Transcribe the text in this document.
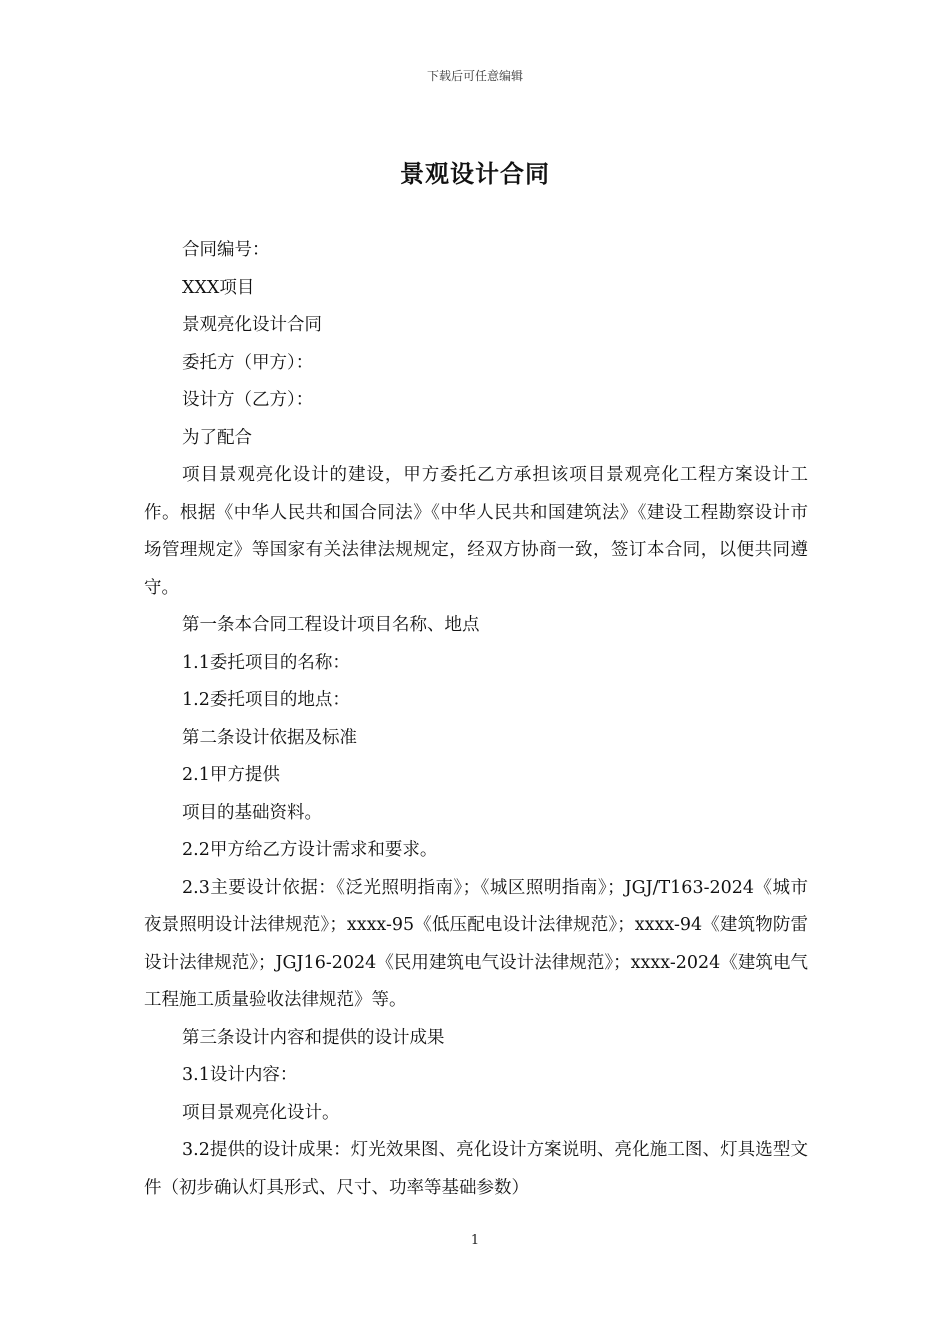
下载后可任意编辑
景观设计合同

合同编号：

XXX项目

景观亮化设计合同

委托方（甲方）：

设计方（乙方）：

为了配合

项目景观亮化设计的建设，甲方委托乙方承担该项目景观亮化工程方案设计工作。根据《中华人民共和国合同法》《中华人民共和国建筑法》《建设工程勘察设计市场管理规定》等国家有关法律法规规定，经双方协商一致，签订本合同，以便共同遵守。

第一条本合同工程设计项目名称、地点

1.1委托项目的名称：

1.2委托项目的地点：

第二条设计依据及标准

2.1甲方提供

项目的基础资料。

2.2甲方给乙方设计需求和要求。

2.3主要设计依据：《泛光照明指南》；《城区照明指南》；JGJ/T163-2024《城市夜景照明设计法律规范》；xxxx-95《低压配电设计法律规范》；xxxx-94《建筑物防雷设计法律规范》；JGJ16-2024《民用建筑电气设计法律规范》；xxxx-2024《建筑电气工程施工质量验收法律规范》等。

第三条设计内容和提供的设计成果

3.1设计内容：

项目景观亮化设计。

3.2提供的设计成果：灯光效果图、亮化设计方案说明、亮化施工图、灯具选型文件（初步确认灯具形式、尺寸、功率等基础参数）

1
